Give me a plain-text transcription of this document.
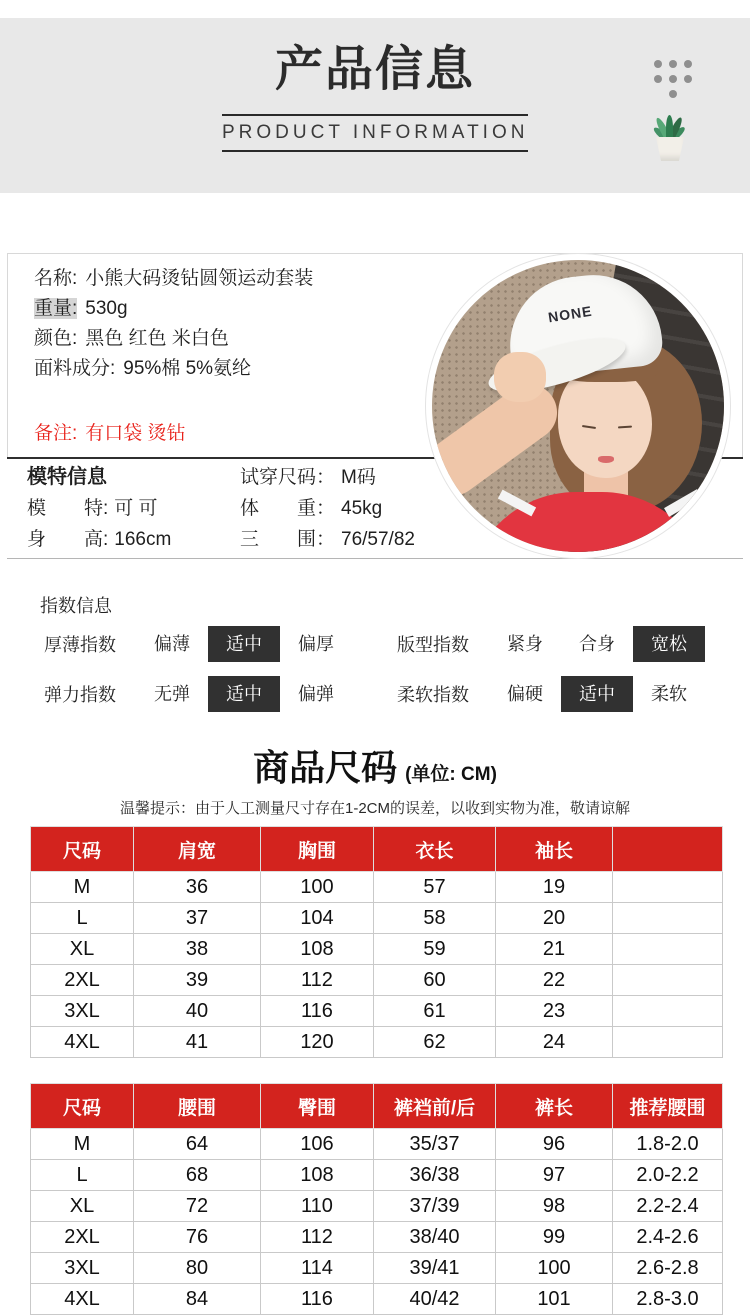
产品信息
PRODUCT INFORMATION
名称: 小熊大码烫钻圆领运动套装
重量: 530g
颜色: 黑色 红色 米白色
面料成分: 95%棉 5%氨纶
备注: 有口袋 烫钻
模特信息
模　　特: 可 可
身　　高: 166cm
试穿尺码： M码
体　　重： 45kg
三　　围： 76/57/82
NONE
指数信息
厚薄指数	偏薄	适中	偏厚	版型指数	紧身	合身	宽松
弹力指数	无弹	适中	偏弹	柔软指数	偏硬	适中	柔软
商品尺码 (单位: CM)
温馨提示：由于人工测量尺寸存在1-2CM的误差，以收到实物为准，敬请谅解
尺码	肩宽	胸围	衣长	袖长	
M	36	100	57	19	
L	37	104	58	20	
XL	38	108	59	21	
2XL	39	112	60	22	
3XL	40	116	61	23	
4XL	41	120	62	24	
尺码	腰围	臀围	裤裆前/后	裤长	推荐腰围
M	64	106	35/37	96	1.8-2.0
L	68	108	36/38	97	2.0-2.2
XL	72	110	37/39	98	2.2-2.4
2XL	76	112	38/40	99	2.4-2.6
3XL	80	114	39/41	100	2.6-2.8
4XL	84	116	40/42	101	2.8-3.0
